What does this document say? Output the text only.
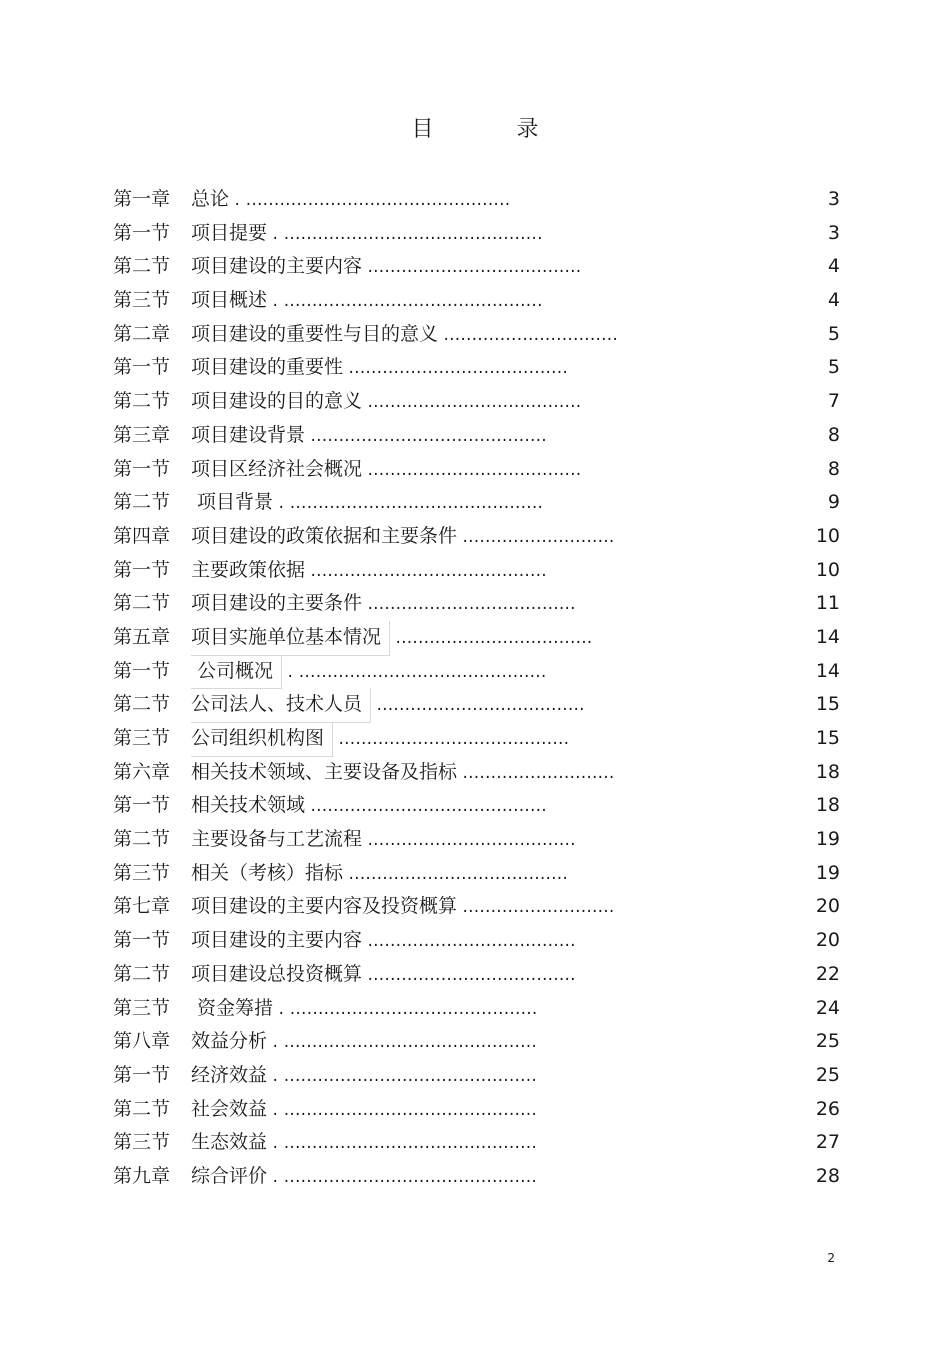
目 录
第一章 总论 . ...............................................	3
第一节 项目提要 . ..............................................	3
第二节 项目建设的主要内容 ......................................	4
第三节 项目概述 . ..............................................	4
第二章 项目建设的重要性与目的意义 ...............................	5
第一节 项目建设的重要性 .......................................	5
第二节 项目建设的目的意义 ......................................	7
第三章 项目建设背景 ..........................................	8
第一节 项目区经济社会概况 ......................................	8
第二节 项目背景 . .............................................	9
第四章 项目建设的政策依据和主要条件 ...........................	10
第一节 主要政策依据 ..........................................	10
第二节 项目建设的主要条件 .....................................	11
第五章 项目实施单位基本情况 ...................................	14
第一节 公司概况 . ............................................	14
第二节 公司法人、技术人员 .....................................	15
第三节 公司组织机构图 .........................................	15
第六章 相关技术领域、主要设备及指标 ...........................	18
第一节 相关技术领域 ..........................................	18
第二节 主要设备与工艺流程 .....................................	19
第三节 相关（考核）指标 .......................................	19
第七章 项目建设的主要内容及投资概算 ...........................	20
第一节 项目建设的主要内容 .....................................	20
第二节 项目建设总投资概算 .....................................	22
第三节 资金筹措 . ............................................	24
第八章 效益分析 . .............................................	25
第一节 经济效益 . .............................................	25
第二节 社会效益 . .............................................	26
第三节 生态效益 . .............................................	27
第九章 综合评价 . .............................................	28
2
